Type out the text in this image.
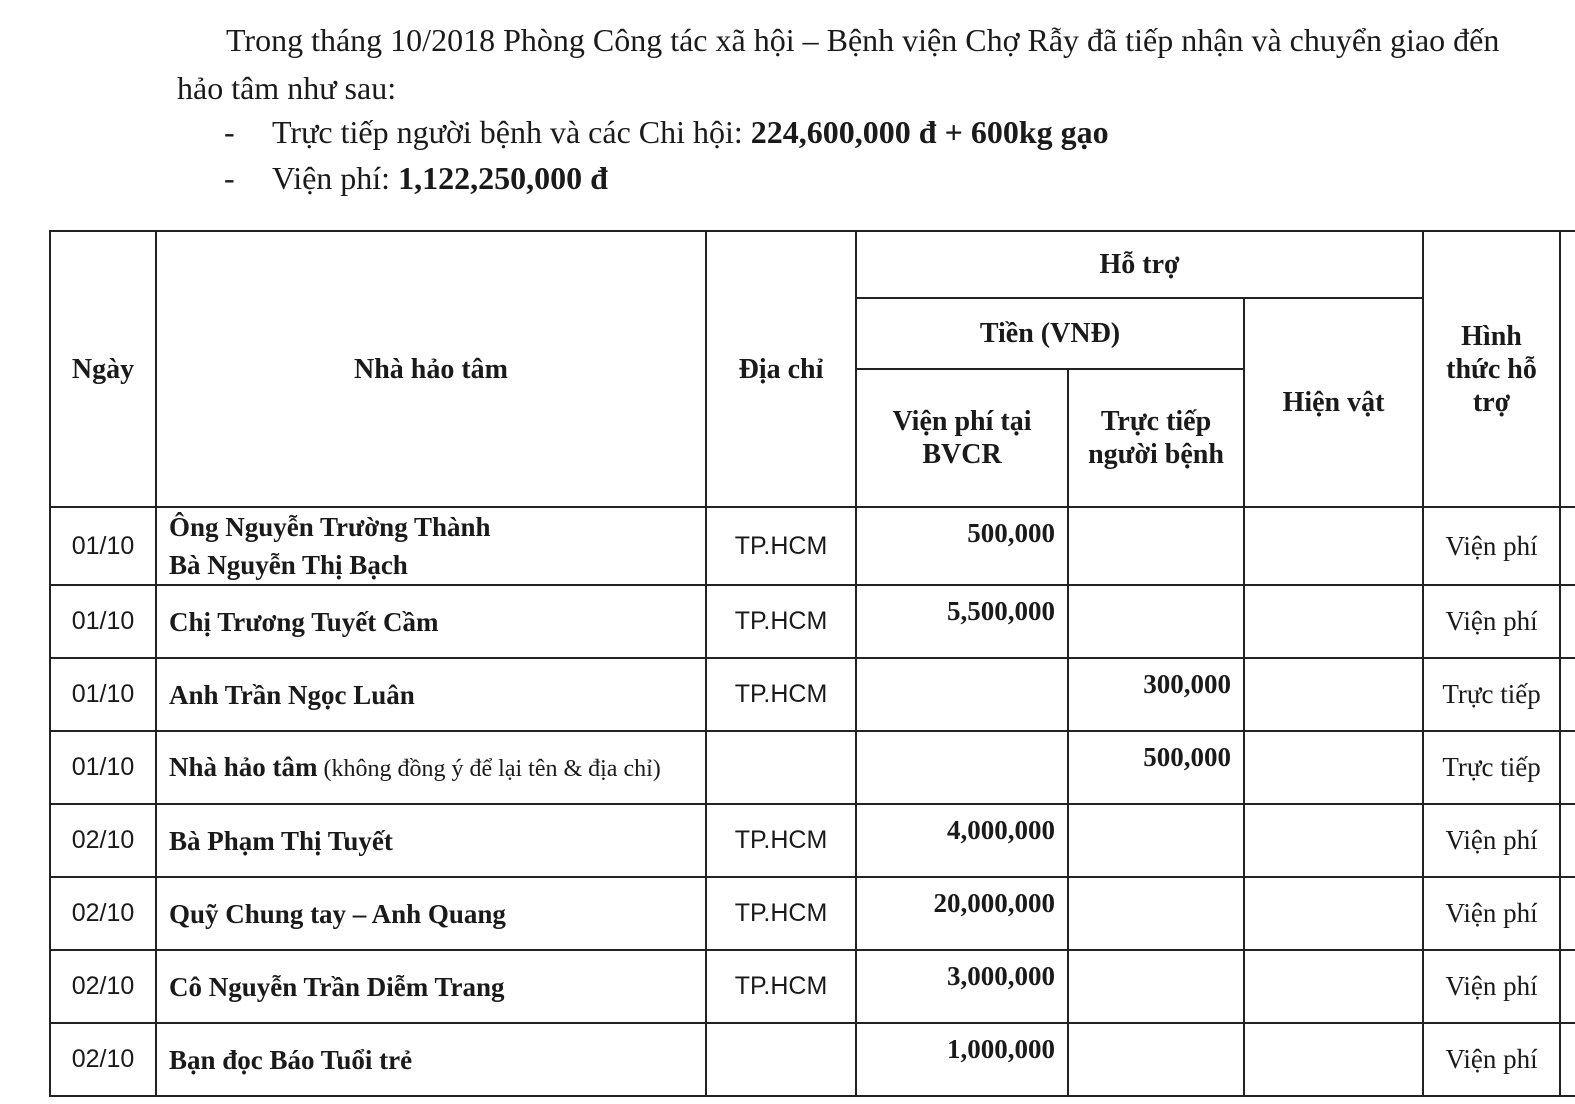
Trong tháng 10/2018 Phòng Công tác xã hội – Bệnh viện Chợ Rẫy đã tiếp nhận và chuyển giao đến
hảo tâm như sau:
- Trực tiếp người bệnh và các Chi hội: 224,600,000 đ + 600kg gạo
- Viện phí: 1,122,250,000 đ
Ngày	Nhà hảo tâm	Địa chỉ	Hỗ trợ			Hình thức hỗ trợ	
			Tiền (VNĐ)		Hiện vật		
			Viện phí tại BVCR	Trực tiếp người bệnh			
01/10	Ông Nguyễn Trường Thành
Bà Nguyễn Thị Bạch	TP.HCM	500,000			Viện phí	
01/10	Chị Trương Tuyết Cầm	TP.HCM	5,500,000			Viện phí	
01/10	Anh Trần Ngọc Luân	TP.HCM		300,000		Trực tiếp	
01/10	Nhà hảo tâm (không đồng ý để lại tên & địa chỉ)			500,000		Trực tiếp	
02/10	Bà Phạm Thị Tuyết	TP.HCM	4,000,000			Viện phí	
02/10	Quỹ Chung tay – Anh Quang	TP.HCM	20,000,000			Viện phí	
02/10	Cô Nguyễn Trần Diễm Trang	TP.HCM	3,000,000			Viện phí	
02/10	Bạn đọc Báo Tuổi trẻ		1,000,000			Viện phí	
